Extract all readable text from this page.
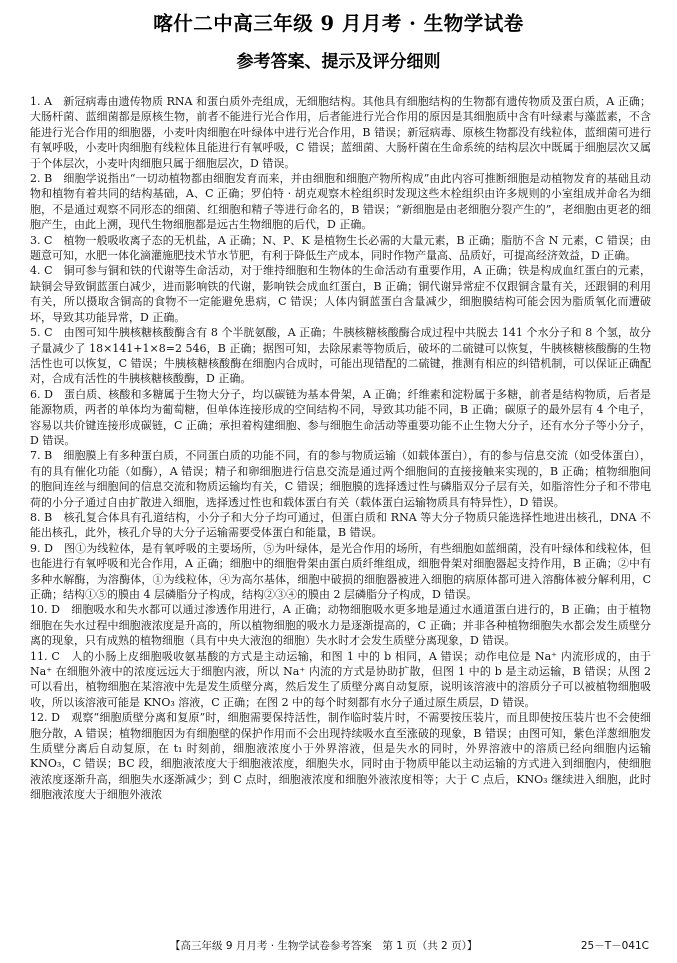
喀什二中高三年级 9 月月考 · 生物学试卷
参考答案、提示及评分细则

1. A　 新冠病毒由遗传物质 RNA 和蛋白质外壳组成，无细胞结构。其他具有细胞结构的生物都有遗传物质及蛋白质，A 正确；大肠杆菌、蓝细菌都是原核生物，前者不能进行光合作用，后者能进行光合作用的原因是其细胞质中含有叶绿素与藻蓝素，不含能进行光合作用的细胞器，小麦叶肉细胞在叶绿体中进行光合作用，B 错误；新冠病毒、原核生物都没有线粒体，蓝细菌可进行有氧呼吸，小麦叶肉细胞有线粒体且能进行有氧呼吸，C 错误；蓝细菌、大肠杆菌在生命系统的结构层次中既属于细胞层次又属于个体层次，小麦叶肉细胞只属于细胞层次，D 错误。

2. B　 细胞学说指出“一切动植物都由细胞发育而来，并由细胞和细胞产物所构成”由此内容可推断细胞是动植物发育的基础且动物和植物有着共同的结构基础，A、C 正确；罗伯特 · 胡克观察木栓组织时发现这些木栓组织由许多规则的小室组成并命名为细胞，不是通过观察不同形态的细菌、红细胞和精子等进行命名的，B 错误；“新细胞是由老细胞分裂产生的”，老细胞由更老的细胞产生，由此上溯，现代生物细胞都是远古生物细胞的后代，D 正确。

3. C　 植物一般吸收离子态的无机盐，A 正确；N、P、K 是植物生长必需的大量元素，B 正确；脂肪不含 N 元素，C 错误；由题意可知，水肥一体化滴灌施肥技术节水节肥，有利于降低生产成本，同时作物产量高、品质好，可提高经济效益，D 正确。

4. C　 铜可参与铜和铁的代谢等生命活动，对于维持细胞和生物体的生命活动有重要作用，A 正确；铁是构成血红蛋白的元素，缺铜会导致铜蓝蛋白减少，进而影响铁的代谢，影响铁会成血红蛋白，B 正确；铜代谢异常症不仅跟铜含量有关，还跟铜的利用有关，所以摄取含铜高的食物不一定能避免患病，C 错误；人体内铜蓝蛋白含量减少，细胞膜结构可能会因为脂质氧化而遭破坏，导致其功能异常，D 正确。

5. C　 由图可知牛胰核糖核酸酶含有 8 个半胱氨酸，A 正确；牛胰核糖核酸酶合成过程中共脱去 141 个水分子和 8 个氢，故分子量减少了 18×141+1×8=2 546，B 正确；据图可知，去除尿素等物质后，破坏的二硫键可以恢复，牛胰核糖核酸酶的生物活性也可以恢复，C 错误；牛胰核糖核酸酶在细胞内合成时，可能出现错配的二硫键，推测有相应的纠错机制，可以保证正确配对，合成有活性的牛胰核糖核酸酶，D 正确。

6. D　 蛋白质、核酸和多糖属于生物大分子，均以碳链为基本骨架，A 正确；纤维素和淀粉属于多糖，前者是结构物质，后者是能源物质，两者的单体均为葡萄糖，但单体连接形成的空间结构不同，导致其功能不同，B 正确；碳原子的最外层有 4 个电子，容易以共价键连接形成碳链，C 正确；承担着构建细胞、参与细胞生命活动等重要功能不止生物大分子，还有水分子等小分子，D 错误。

7. B　 细胞膜上有多种蛋白质，不同蛋白质的功能不同，有的参与物质运输（如载体蛋白），有的参与信息交流（如受体蛋白），有的具有催化功能（如酶），A 错误；精子和卵细胞进行信息交流是通过两个细胞间的直接接触来实现的，B 正确；植物细胞间的胞间连丝与细胞间的信息交流和物质运输均有关，C 错误；细胞膜的选择透过性与磷脂双分子层有关，如脂溶性分子和不带电荷的小分子通过自由扩散进入细胞，选择透过性也和载体蛋白有关（载体蛋白运输物质具有特异性），D 错误。

8. B　 核孔复合体具有孔道结构，小分子和大分子均可通过，但蛋白质和 RNA 等大分子物质只能选择性地进出核孔，DNA 不能出核孔，此外，核孔介导的大分子运输需要受体蛋白和能量，B 错误。

9. D　 图①为线粒体，是有氧呼吸的主要场所，⑤为叶绿体，是光合作用的场所，有些细胞如蓝细菌，没有叶绿体和线粒体，但也能进行有氧呼吸和光合作用，A 正确；细胞中的细胞骨架由蛋白质纤维组成，细胞骨架对细胞器起支持作用，B 正确；②中有多种水解酶，为溶酶体，①为线粒体，④为高尔基体，细胞中破损的细胞器被进入细胞的病原体都可进入溶酶体被分解利用，C 正确；结构①⑤的膜由 4 层磷脂分子构成，结构②③④的膜由 2 层磷脂分子构成，D 错误。

10. D　 细胞吸水和失水都可以通过渗透作用进行，A 正确；动物细胞吸水更多地是通过水通道蛋白进行的，B 正确；由于植物细胞在失水过程中细胞液浓度是升高的，所以植物细胞的吸水力是逐渐提高的，C 正确；并非各种植物细胞失水都会发生质壁分离的现象，只有成熟的植物细胞（具有中央大液泡的细胞）失水时才会发生质壁分离现象，D 错误。

11. C　 人的小肠上皮细胞吸收氨基酸的方式是主动运输，和图 1 中的 b 相同，A 错误；动作电位是 Na⁺ 内流形成的，由于 Na⁺ 在细胞外液中的浓度远远大于细胞内液，所以 Na⁺ 内流的方式是协助扩散，但图 1 中的 b 是主动运输，B 错误；从图 2 可以看出，植物细胞在某溶液中先是发生质壁分离，然后发生了质壁分离自动复原，说明该溶液中的溶质分子可以被植物细胞吸收，所以该溶液可能是 KNO₃ 溶液，C 正确；在图 2 中的每个时刻都有水分子通过原生质层，D 错误。

12. D　 观察“细胞质壁分离和复原”时，细胞需要保持活性，制作临时装片时，不需要按压装片，而且即使按压装片也不会使细胞分散，A 错误；植物细胞因为有细胞壁的保护作用而不会出现持续吸水直至涨破的现象，B 错误；由图可知，紫色洋葱细胞发生质壁分离后自动复原，在 t₁ 时刻前，细胞液浓度小于外界溶液，但是失水的同时，外界溶液中的溶质已经向细胞内运输 KNO₃，C 错误；BC 段，细胞液浓度大于细胞液浓度，细胞失水，同时由于物质甲能以主动运输的方式进入到细胞内，使细胞液浓度逐渐升高，细胞失水逐渐减少；到 C 点时，细胞液浓度和细胞外液浓度相等；大于 C 点后，KNO₃ 继续进入细胞，此时细胞液浓度大于细胞外液浓

【高三年级 9 月月考 · 生物学试卷参考答案　第 1 页（共 2 页）】	25－T－041C
